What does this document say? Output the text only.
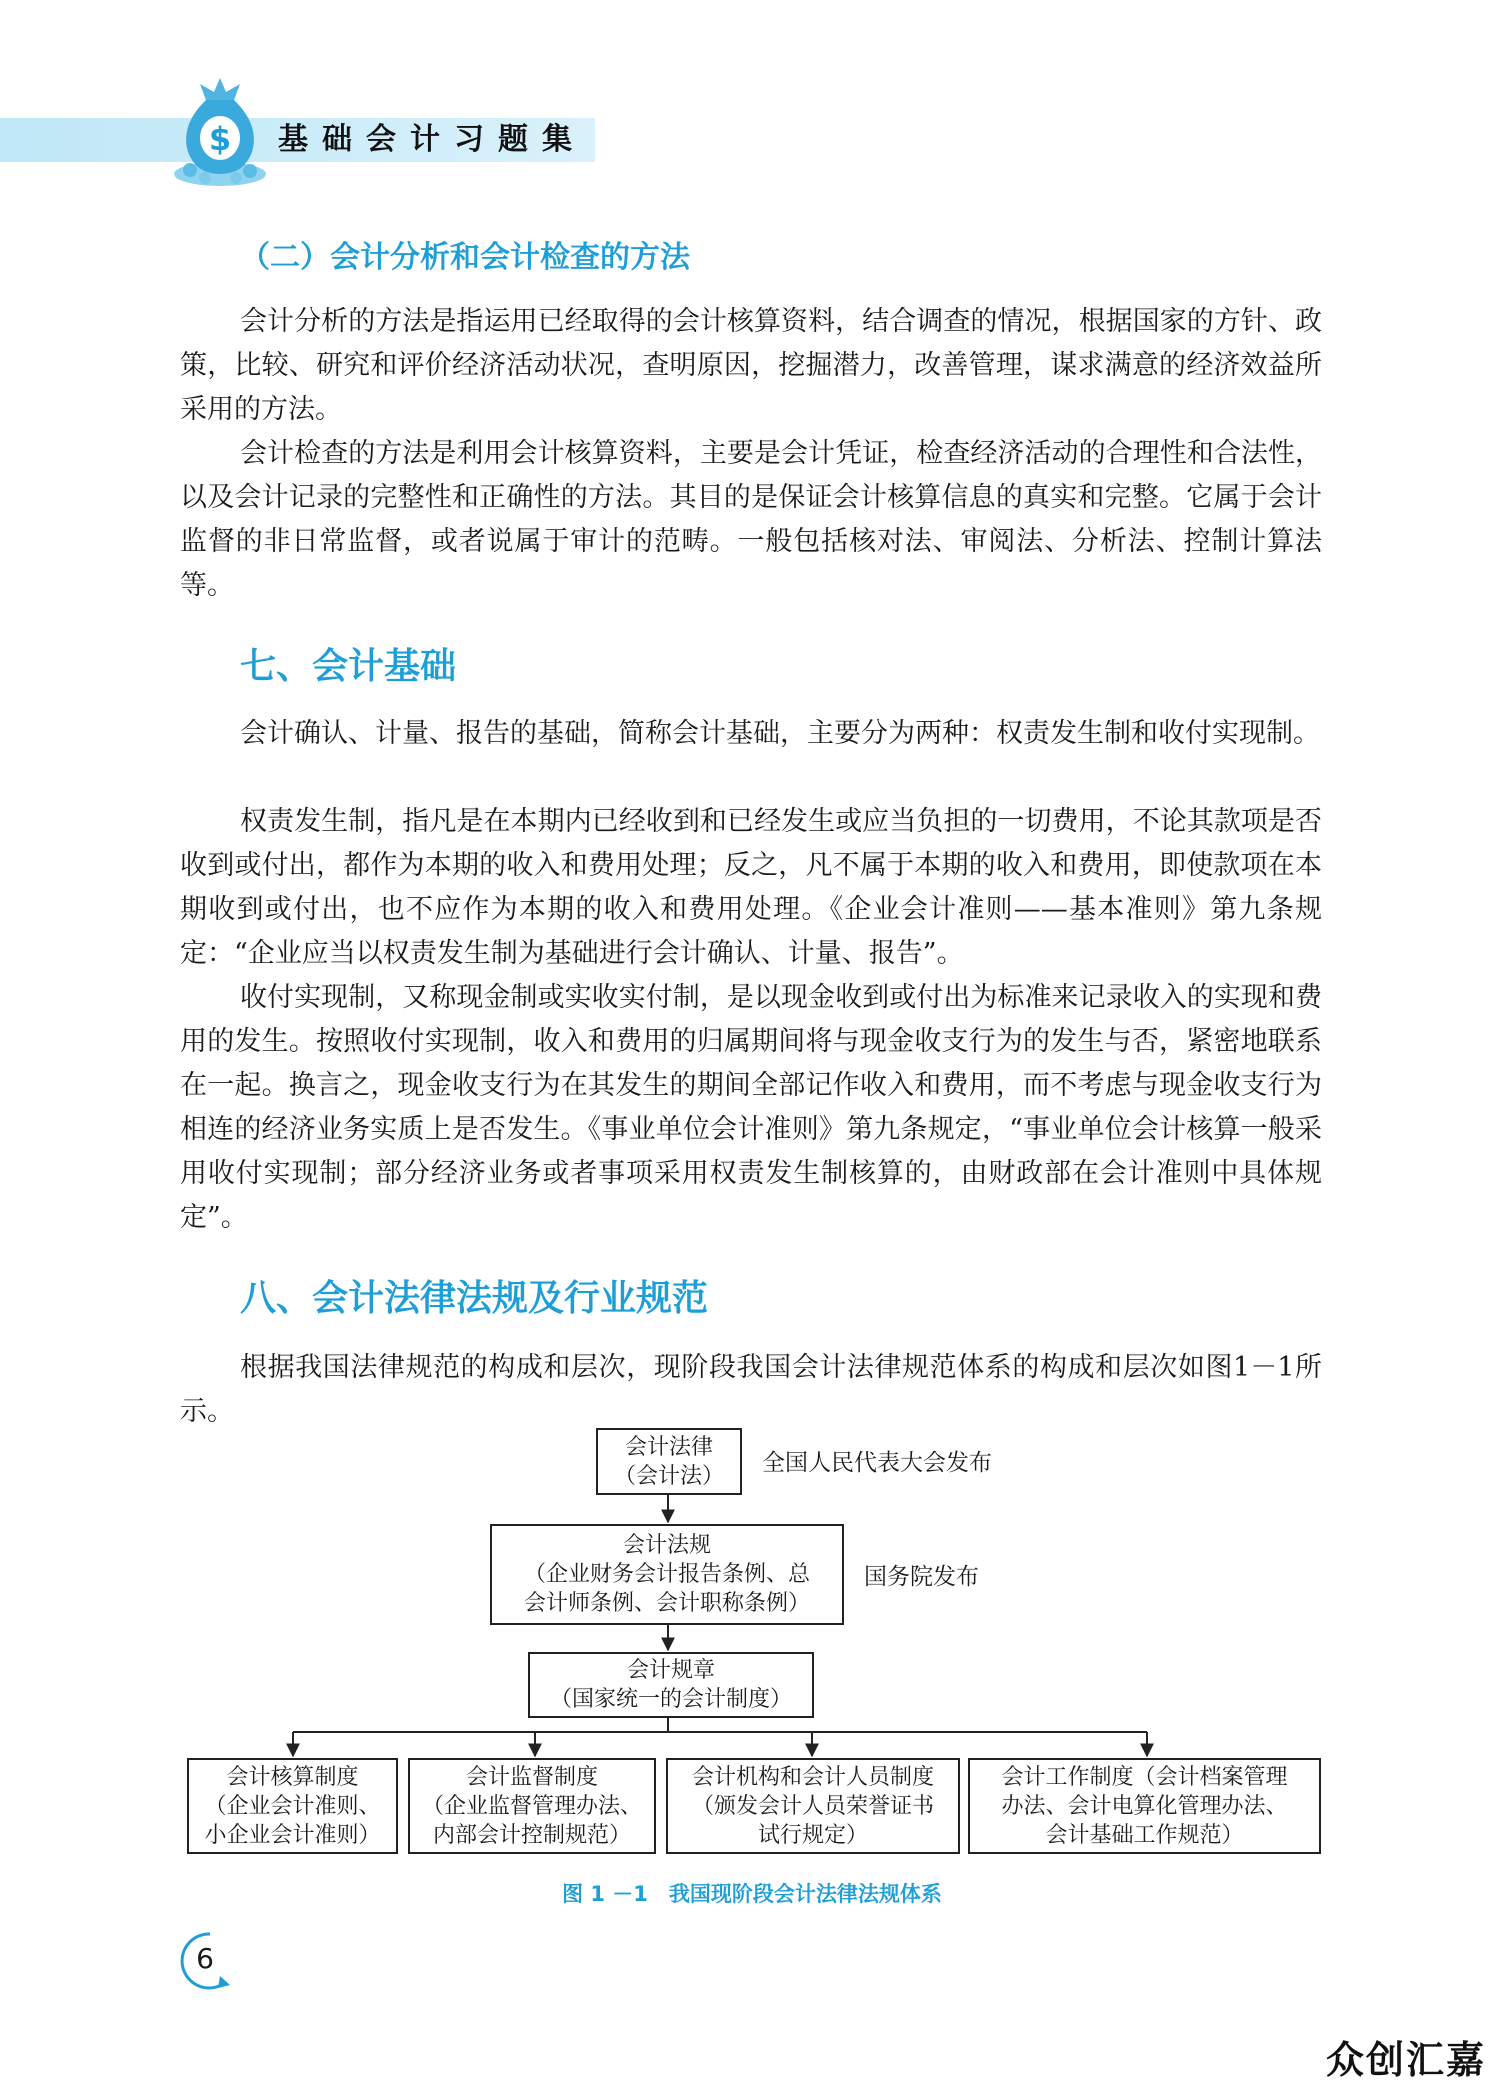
$ 基础会计习题集
（二）会计分析和会计检查的方法

会计分析的方法是指运用已经取得的会计核算资料，结合调查的情况，根据国家的方针、政策，比较、研究和评价经济活动状况，查明原因，挖掘潜力，改善管理，谋求满意的经济效益所采用的方法。

会计检查的方法是利用会计核算资料，主要是会计凭证，检查经济活动的合理性和合法性，以及会计记录的完整性和正确性的方法。其目的是保证会计核算信息的真实和完整。它属于会计监督的非日常监督，或者说属于审计的范畴。一般包括核对法、审阅法、分析法、控制计算法等。

七、会计基础

会计确认、计量、报告的基础，简称会计基础，主要分为两种：权责发生制和收付实现制。

权责发生制，指凡是在本期内已经收到和已经发生或应当负担的一切费用，不论其款项是否收到或付出，都作为本期的收入和费用处理；反之，凡不属于本期的收入和费用，即使款项在本期收到或付出，也不应作为本期的收入和费用处理。《企业会计准则——基本准则》第九条规定：“企业应当以权责发生制为基础进行会计确认、计量、报告”。

收付实现制，又称现金制或实收实付制，是以现金收到或付出为标准来记录收入的实现和费用的发生。按照收付实现制，收入和费用的归属期间将与现金收支行为的发生与否，紧密地联系在一起。换言之，现金收支行为在其发生的期间全部记作收入和费用，而不考虑与现金收支行为相连的经济业务实质上是否发生。《事业单位会计准则》第九条规定，“事业单位会计核算一般采用收付实现制；部分经济业务或者事项采用权责发生制核算的，由财政部在会计准则中具体规定”。

八、会计法律法规及行业规范

根据我国法律规范的构成和层次，现阶段我国会计法律规范体系的构成和层次如图1－1所示。

会计法律
（会计法）	全国人民代表大会发布
会计法规
（企业财务会计报告条例、总
会计师条例、会计职称条例）
国务院发布
会计规章
（国家统一的会计制度）
会计核算制度
（企业会计准则、
小企业会计准则）
会计监督制度
（企业监督管理办法、
内部会计控制规范）
会计机构和会计人员制度
（颁发会计人员荣誉证书
试行规定）
会计工作制度（会计档案管理
办法、会计电算化管理办法、
会计基础工作规范）
图 1 －1　我国现阶段会计法律法规体系
6
众创汇嘉
